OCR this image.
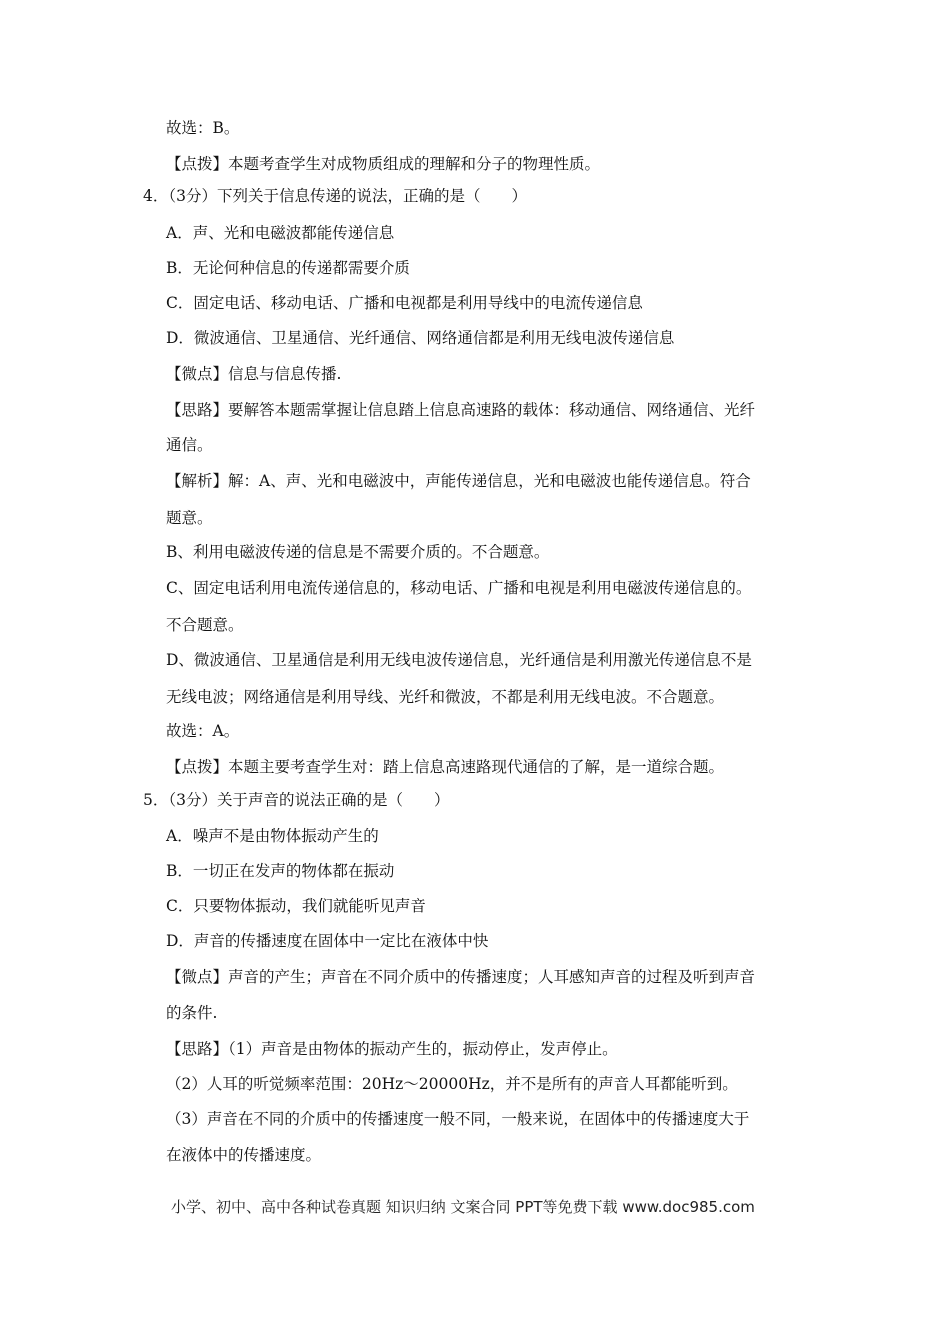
故选：B。
【点拨】本题考查学生对成物质组成的理解和分子的物理性质。
4．（3分）下列关于信息传递的说法，正确的是（　　）
A．声、光和电磁波都能传递信息
B．无论何种信息的传递都需要介质
C．固定电话、移动电话、广播和电视都是利用导线中的电流传递信息
D．微波通信、卫星通信、光纤通信、网络通信都是利用无线电波传递信息
【微点】信息与信息传播.
【思路】要解答本题需掌握让信息踏上信息高速路的载体：移动通信、网络通信、光纤
通信。
【解析】解：A、声、光和电磁波中，声能传递信息，光和电磁波也能传递信息。符合
题意。
B、利用电磁波传递的信息是不需要介质的。不合题意。
C、固定电话利用电流传递信息的，移动电话、广播和电视是利用电磁波传递信息的。
不合题意。
D、微波通信、卫星通信是利用无线电波传递信息，光纤通信是利用激光传递信息不是
无线电波；网络通信是利用导线、光纤和微波，不都是利用无线电波。不合题意。
故选：A。
【点拨】本题主要考查学生对：踏上信息高速路现代通信的了解，是一道综合题。
5．（3分）关于声音的说法正确的是（　　）
A．噪声不是由物体振动产生的
B．一切正在发声的物体都在振动
C．只要物体振动，我们就能听见声音
D．声音的传播速度在固体中一定比在液体中快
【微点】声音的产生；声音在不同介质中的传播速度；人耳感知声音的过程及听到声音
的条件.
【思路】（1）声音是由物体的振动产生的，振动停止，发声停止。
（2）人耳的听觉频率范围：20Hz～20000Hz，并不是所有的声音人耳都能听到。
（3）声音在不同的介质中的传播速度一般不同，一般来说，在固体中的传播速度大于
在液体中的传播速度。
小学、初中、高中各种试卷真题 知识归纳 文案合同 PPT等免费下载 www.doc985.com
